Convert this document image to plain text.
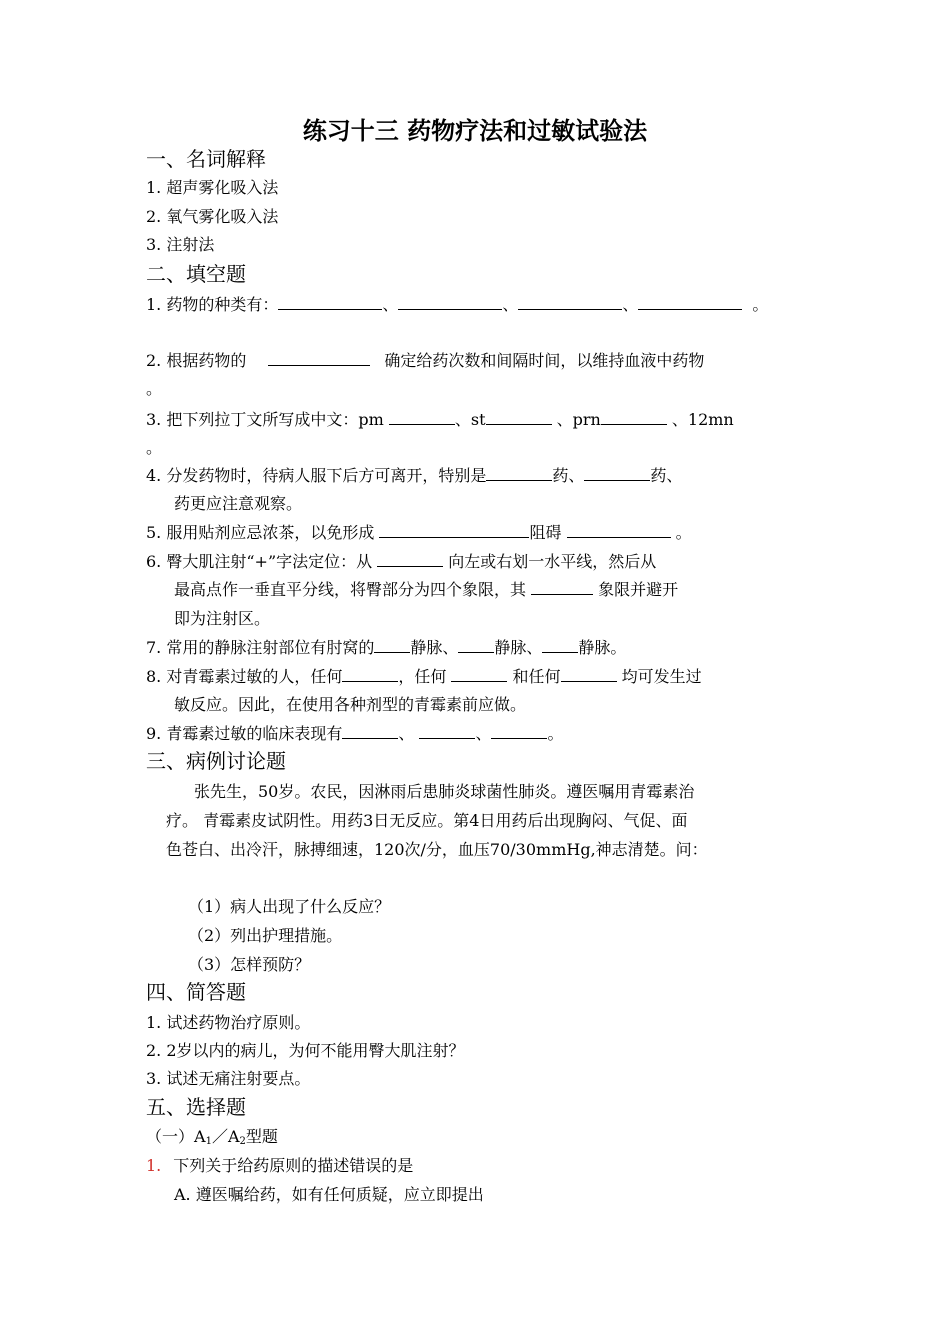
练习十三 药物疗法和过敏试验法
一、名词解释
1. 超声雾化吸入法
2. 氧气雾化吸入法
3. 注射法
二、填空题
1. 药物的种类有：	、	、	、	。
2. 根据药物的	确定给药次数和间隔时间，以维持血液中药物
。
3. 把下列拉丁文所写成中文：pm	、st	、prn	、12mn
。
4. 分发药物时，待病人服下后方可离开，特别是	药、	药、
药更应注意观察。
5. 服用贴剂应忌浓茶，以免形成	阻碍	。
6. 臀大肌注射“+”字法定位：从	向左或右划一水平线，然后从
最高点作一垂直平分线，将臀部分为四个象限，其	象限并避开
即为注射区。
7. 常用的静脉注射部位有肘窝的 静脉、 静脉、 静脉。
8. 对青霉素过敏的人，任何	，任何	和任何	均可发生过
敏反应。因此，在使用各种剂型的青霉素前应做。
9. 青霉素过敏的临床表现有	、	、	。
三、病例讨论题
张先生，50岁。农民，因淋雨后患肺炎球菌性肺炎。遵医嘱用青霉素治
疗。 青霉素皮试阴性。用药3日无反应。第4日用药后出现胸闷、气促、面
色苍白、出冷汗，脉搏细速，120次/分，血压70/30mmHg,神志清楚。问：
（1）病人出现了什么反应？
（2）列出护理措施。
（3）怎样预防？
四、简答题
1. 试述药物治疗原则。
2. 2岁以内的病儿，为何不能用臀大肌注射？
3. 试述无痛注射要点。
五、选择题
（一）$A_1/A_2$型题
1. 下列关于给药原则的描述错误的是
A. 遵医嘱给药，如有任何质疑，应立即提出
